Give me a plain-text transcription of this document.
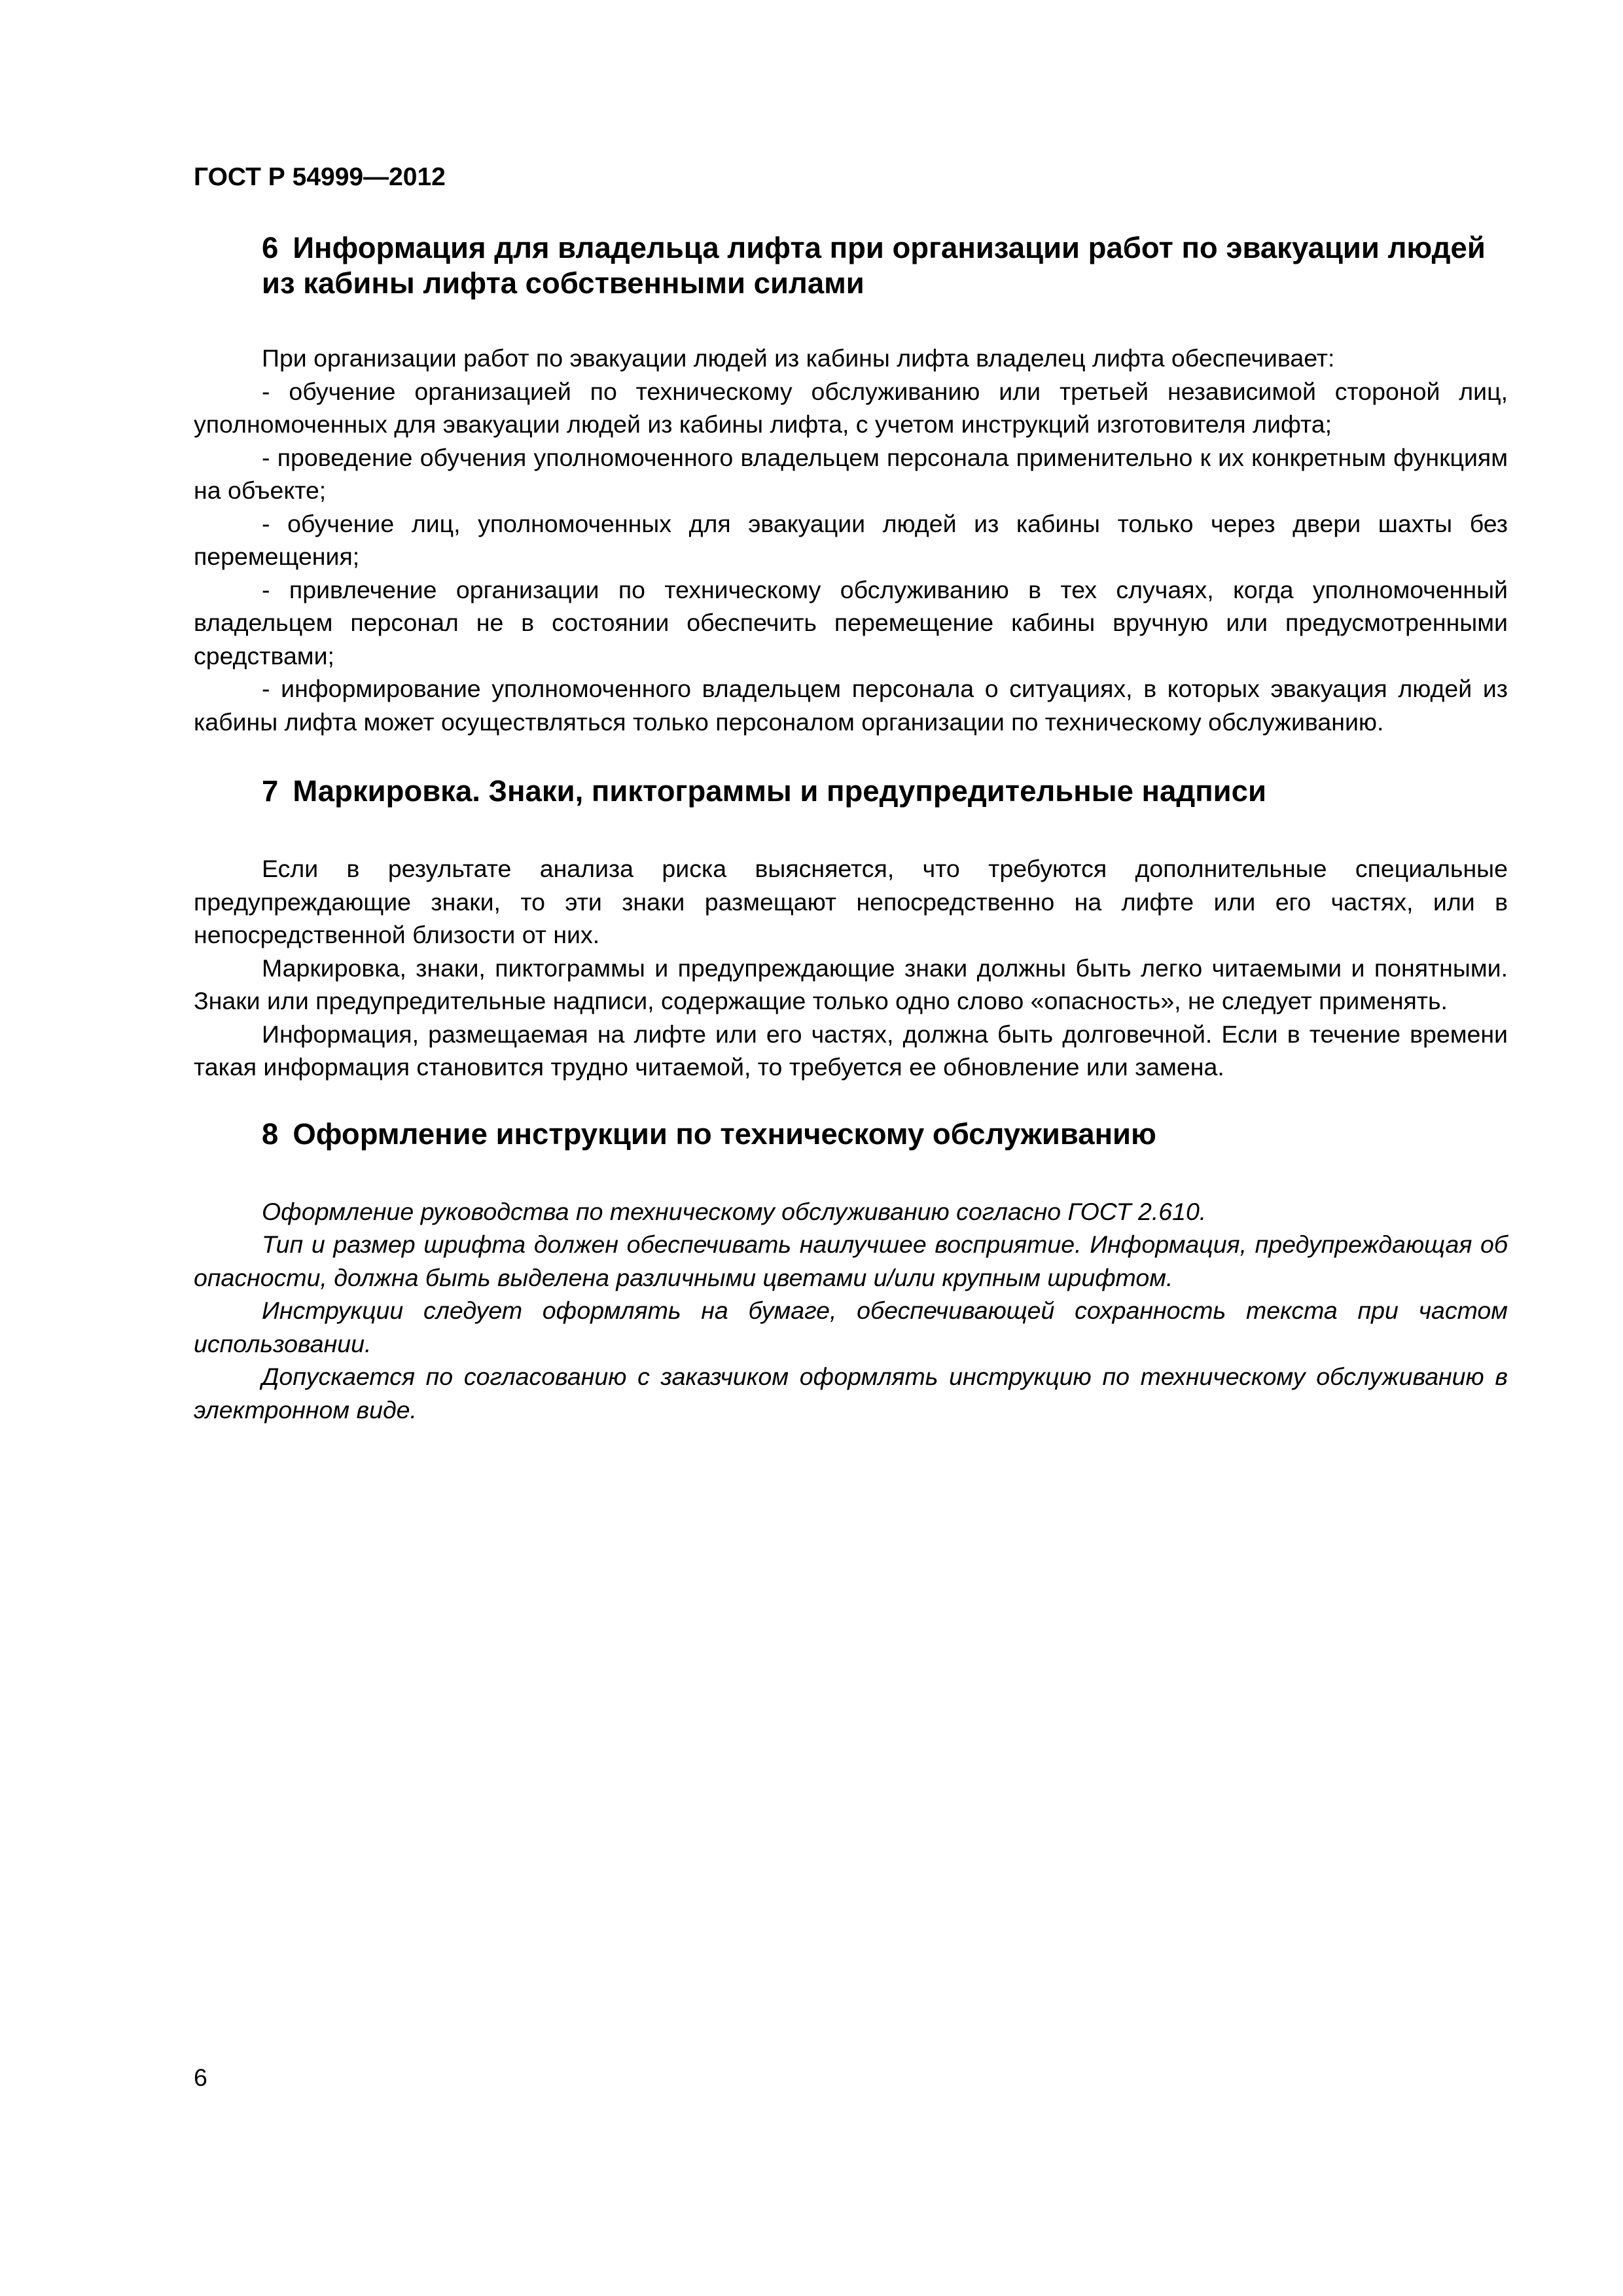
ГОСТ Р 54999—2012
6 Информация для владельца лифта при организации работ по эвакуации людей из кабины лифта собственными силами

При организации работ по эвакуации людей из кабины лифта владелец лифта обеспечивает:

- обучение организацией по техническому обслуживанию или третьей независимой стороной лиц, уполномоченных для эвакуации людей из кабины лифта, с учетом инструкций изготовителя лифта;

- проведение обучения уполномоченного владельцем персонала применительно к их конкретным функциям на объекте;

- обучение лиц, уполномоченных для эвакуации людей из кабины только через двери шахты без перемещения;

- привлечение организации по техническому обслуживанию в тех случаях, когда уполномоченный владельцем персонал не в состоянии обеспечить перемещение кабины вручную или предусмотренными средствами;

- информирование уполномоченного владельцем персонала о ситуациях, в которых эвакуация людей из кабины лифта может осуществляться только персоналом организации по техническому обслуживанию.

7 Маркировка. Знаки, пиктограммы и предупредительные надписи

Если в результате анализа риска выясняется, что требуются дополнительные специальные предупреждающие знаки, то эти знаки размещают непосредственно на лифте или его частях, или в непосредственной близости от них.

Маркировка, знаки, пиктограммы и предупреждающие знаки должны быть легко читаемыми и понятными. Знаки или предупредительные надписи, содержащие только одно слово «опасность», не следует применять.

Информация, размещаемая на лифте или его частях, должна быть долговечной. Если в течение времени такая информация становится трудно читаемой, то требуется ее обновление или замена.

8 Оформление инструкции по техническому обслуживанию

Оформление руководства по техническому обслуживанию согласно ГОСТ 2.610.

Тип и размер шрифта должен обеспечивать наилучшее восприятие. Информация, предупреждающая об опасности, должна быть выделена различными цветами и/или крупным шрифтом.

Инструкции следует оформлять на бумаге, обеспечивающей сохранность текста при частом использовании.

Допускается по согласованию с заказчиком оформлять инструкцию по техническому обслуживанию в электронном виде.

6
